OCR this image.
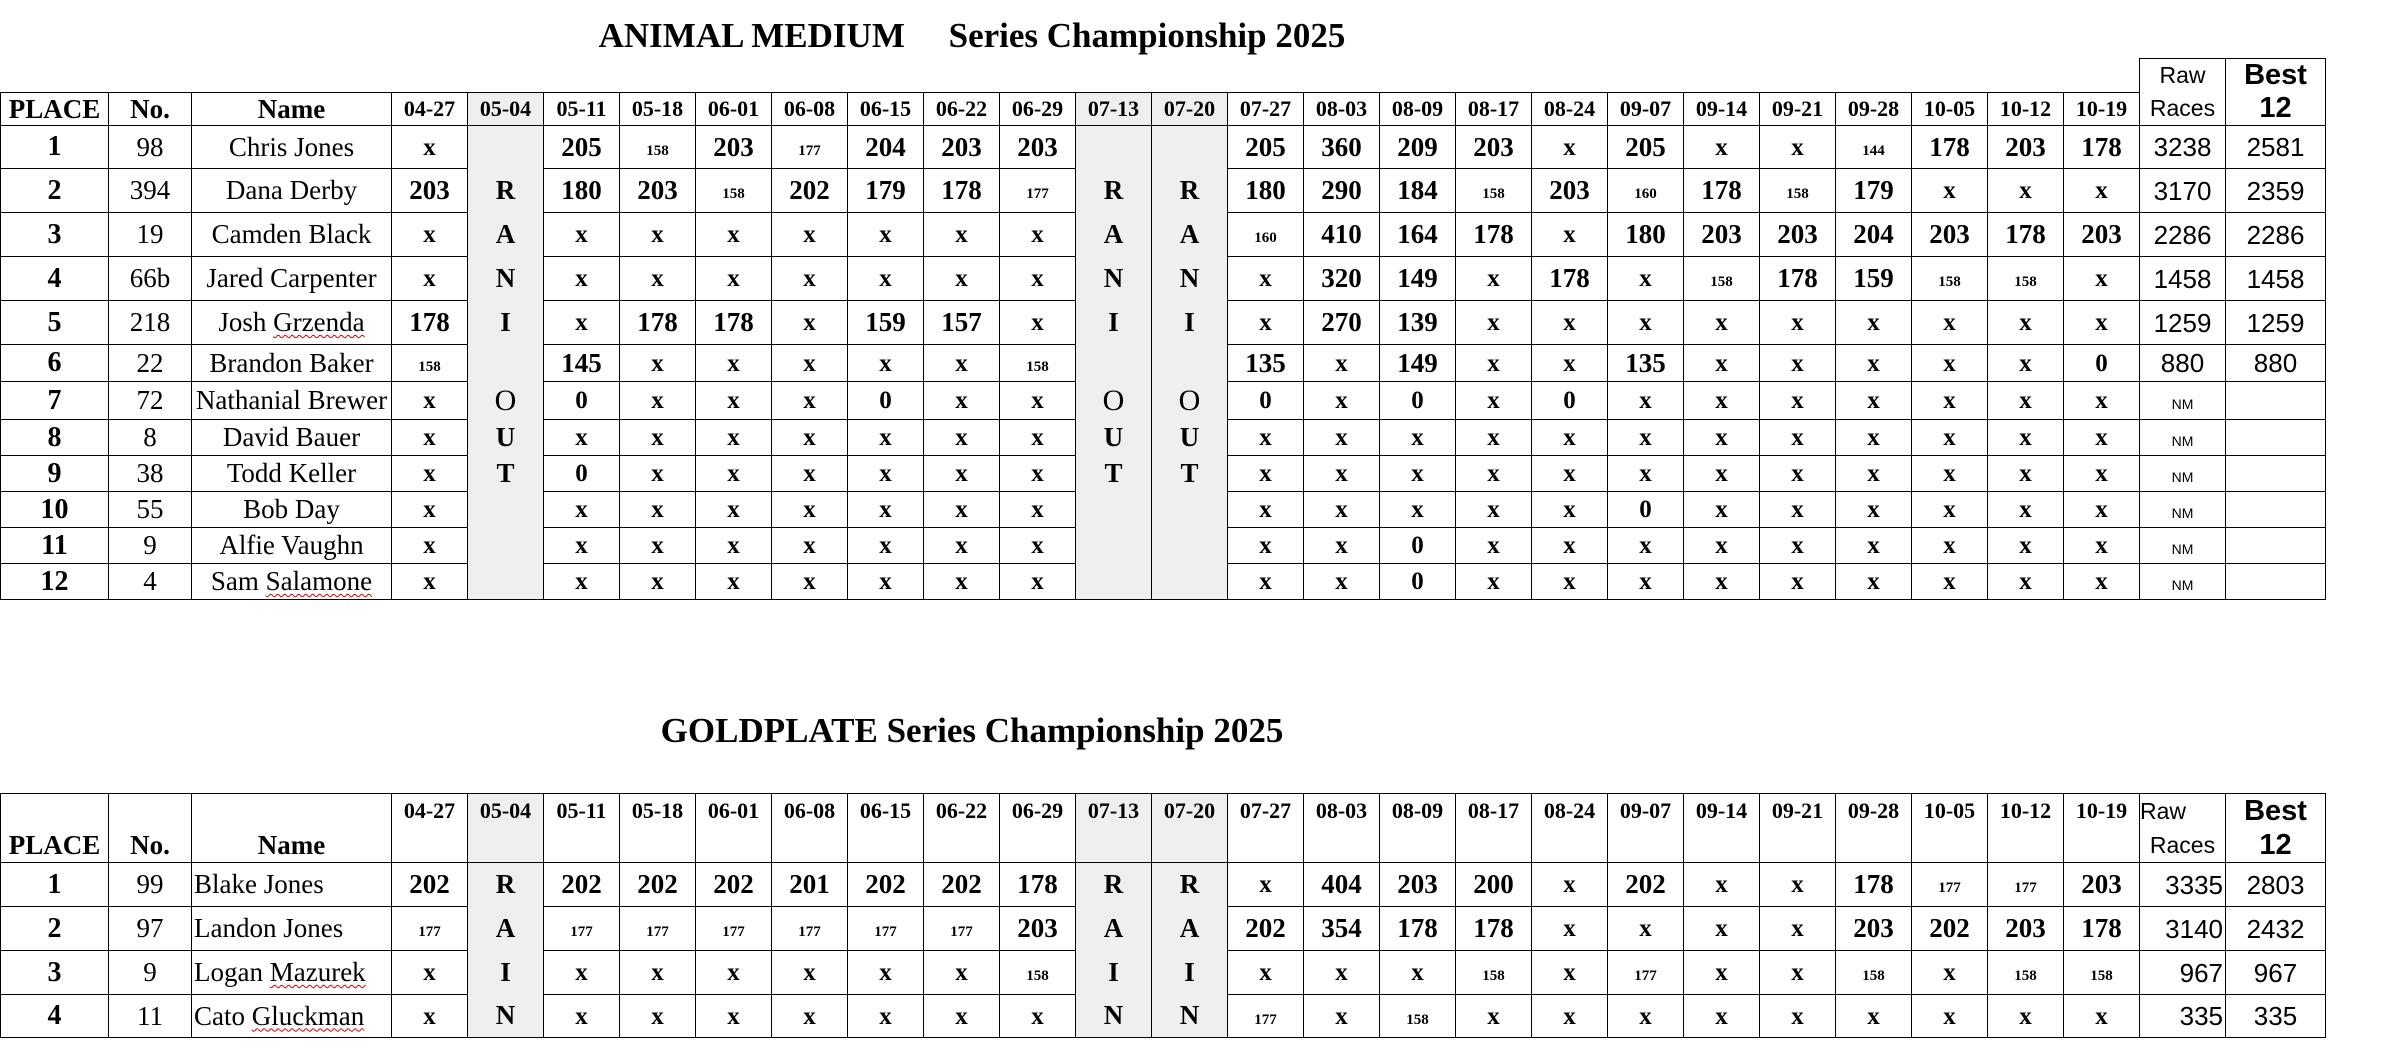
ANIMAL MEDIUM     Series Championship 2025
																										Raw	Best
PLACE	No.	Name	04-27	05-04	05-11	05-18	06-01	06-08	06-15	06-22	06-29	07-13	07-20	07-27	08-03	08-09	08-17	08-24	09-07	09-14	09-21	09-28	10-05	10-12	10-19	Races	12
1	98	Chris Jones	x		205	158	203	177	204	203	203			205	360	209	203	x	205	x	x	144	178	203	178	3238	2581
2	394	Dana Derby	203	R	180	203	158	202	179	178	177	R	R	180	290	184	158	203	160	178	158	179	x	x	x	3170	2359
3	19	Camden Black	x	A	x	x	x	x	x	x	x	A	A	160	410	164	178	x	180	203	203	204	203	178	203	2286	2286
4	66b	Jared Carpenter	x	N	x	x	x	x	x	x	x	N	N	x	320	149	x	178	x	158	178	159	158	158	x	1458	1458
5	218	Josh Grzenda	178	I	x	178	178	x	159	157	x	I	I	x	270	139	x	x	x	x	x	x	x	x	x	1259	1259
6	22	Brandon Baker	158		145	x	x	x	x	x	158			135	x	149	x	x	135	x	x	x	x	x	0	880	880
7	72	Nathanial Brewer	x	O	0	x	x	x	0	x	x	O	O	0	x	0	x	0	x	x	x	x	x	x	x	NM	
8	8	David Bauer	x	U	x	x	x	x	x	x	x	U	U	x	x	x	x	x	x	x	x	x	x	x	x	NM	
9	38	Todd Keller	x	T	0	x	x	x	x	x	x	T	T	x	x	x	x	x	x	x	x	x	x	x	x	NM	
10	55	Bob Day	x		x	x	x	x	x	x	x			x	x	x	x	x	0	x	x	x	x	x	x	NM	
11	9	Alfie Vaughn	x		x	x	x	x	x	x	x			x	x	0	x	x	x	x	x	x	x	x	x	NM	
12	4	Sam Salamone	x		x	x	x	x	x	x	x			x	x	0	x	x	x	x	x	x	x	x	x	NM	
GOLDPLATE Series Championship 2025
			04-27	05-04	05-11	05-18	06-01	06-08	06-15	06-22	06-29	07-13	07-20	07-27	08-03	08-09	08-17	08-24	09-07	09-14	09-21	09-28	10-05	10-12	10-19	Raw	Best
PLACE	No.	Name																								Races	12
1	99	Blake Jones	202	R	202	202	202	201	202	202	178	R	R	x	404	203	200	x	202	x	x	178	177	177	203	3335	2803
2	97	Landon Jones	177	A	177	177	177	177	177	177	203	A	A	202	354	178	178	x	x	x	x	203	202	203	178	3140	2432
3	9	Logan Mazurek	x	I	x	x	x	x	x	x	158	I	I	x	x	x	158	x	177	x	x	158	x	158	158	967	967
4	11	Cato Gluckman	x	N	x	x	x	x	x	x	x	N	N	177	x	158	x	x	x	x	x	x	x	x	x	335	335
